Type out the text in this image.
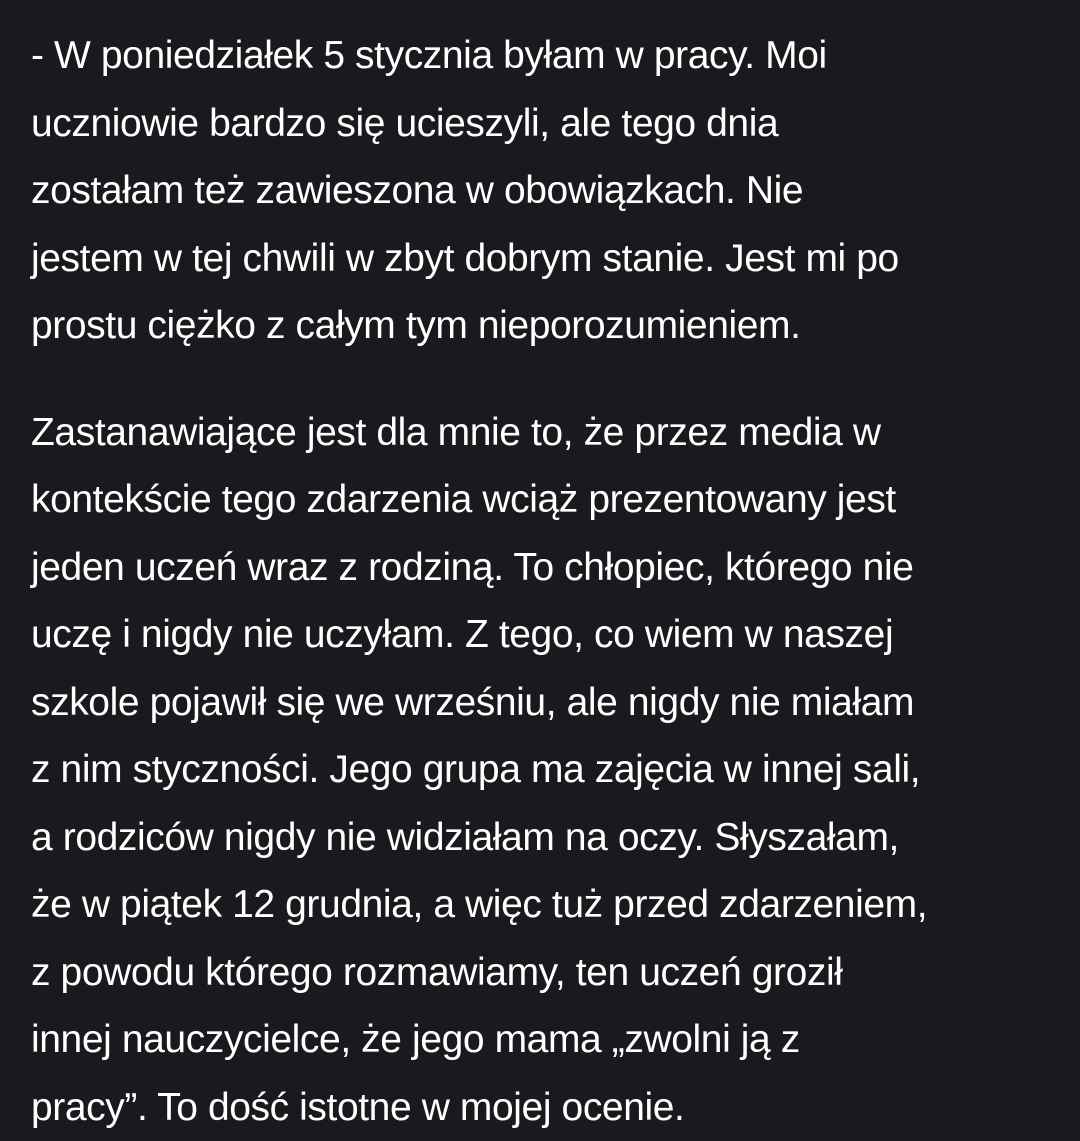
- W poniedziałek 5 stycznia byłam w pracy. Moi
uczniowie bardzo się ucieszyli, ale tego dnia
zostałam też zawieszona w obowiązkach. Nie
jestem w tej chwili w zbyt dobrym stanie. Jest mi po
prostu ciężko z całym tym nieporozumieniem.

Zastanawiające jest dla mnie to, że przez media w
kontekście tego zdarzenia wciąż prezentowany jest
jeden uczeń wraz z rodziną. To chłopiec, którego nie
uczę i nigdy nie uczyłam. Z tego, co wiem w naszej
szkole pojawił się we wrześniu, ale nigdy nie miałam
z nim styczności. Jego grupa ma zajęcia w innej sali,
a rodziców nigdy nie widziałam na oczy. Słyszałam,
że w piątek 12 grudnia, a więc tuż przed zdarzeniem,
z powodu którego rozmawiamy, ten uczeń groził
innej nauczycielce, że jego mama „zwolni ją z
pracy”. To dość istotne w mojej ocenie.
